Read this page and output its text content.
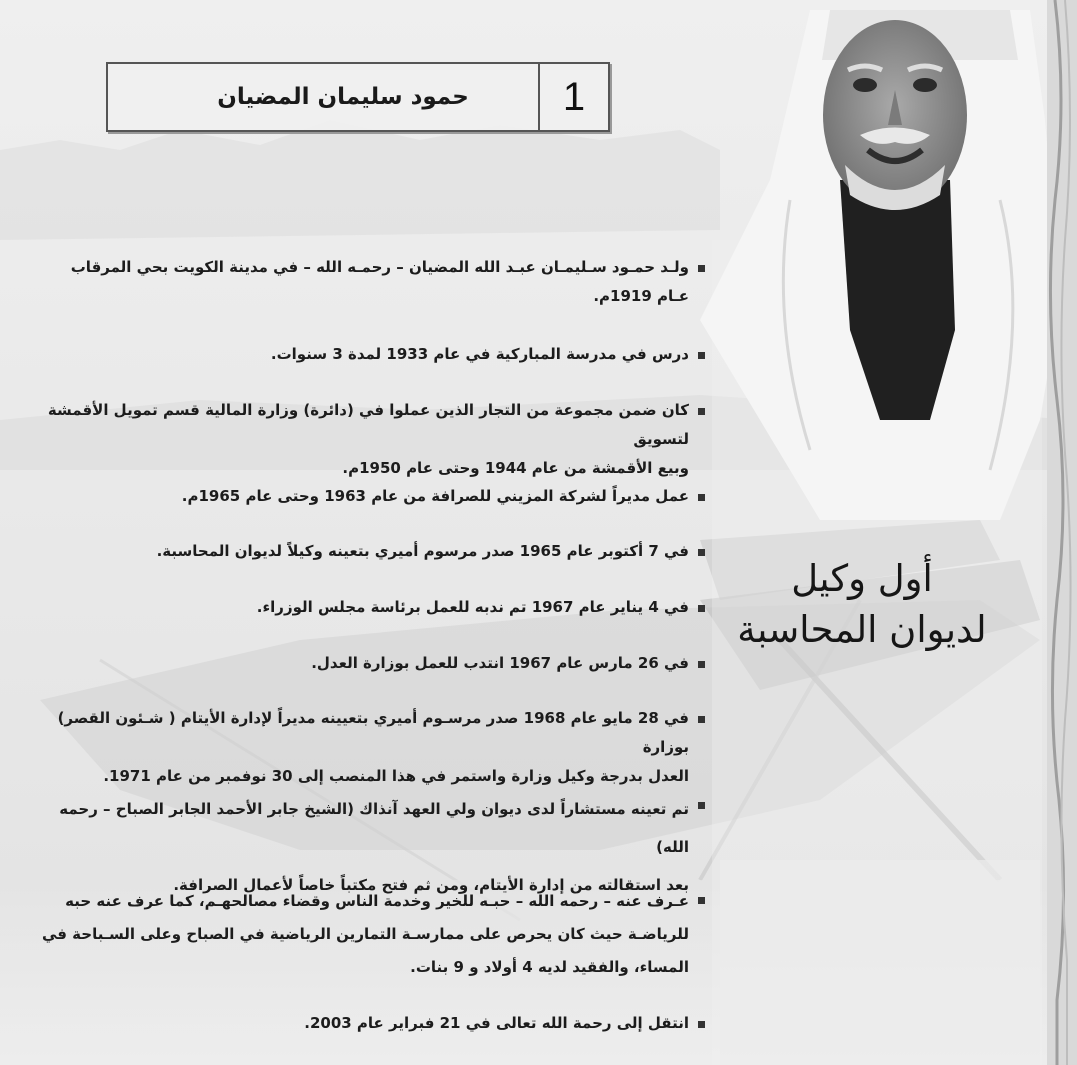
حمود سليمان المضيان	1
أول وكيل
لديوان المحاسبة
ولـد حمـود سـليمـان عبـد الله المضيان – رحمـه الله – في مدينة الكويت بحي المرقاب
عـام 1919م.
درس في مدرسة المباركية في عام 1933 لمدة 3 سنوات.
كان ضمن مجموعة من التجار الذين عملوا في (دائرة) وزارة المالية قسم تمويل الأقمشة لتسويق
وبيع الأقمشة من عام 1944 وحتى عام 1950م.
عمل مديراً لشركة المزيني للصرافة من عام 1963 وحتى عام 1965م.
في 7 أكتوبر عام 1965 صدر مرسوم أميري بتعينه وكيلاً لديوان المحاسبة.
في 4 يناير عام 1967 تم ندبه للعمل برئاسة مجلس الوزراء.
في 26 مارس عام 1967 انتدب للعمل بوزارة العدل.
في 28 مايو عام 1968 صدر مرسـوم أميري بتعيينه مديراً لإدارة الأيتام ( شـئون القصر) بوزارة
العدل بدرجة وكيل وزارة واستمر في هذا المنصب إلى 30 نوفمبر من عام 1971.
تم تعينه مستشاراً لدى ديوان ولي العهد آنذاك (الشيخ جابر الأحمد الجابر الصباح – رحمه الله)
بعد استقالته من إدارة الأيتام، ومن ثم فتح مكتباً خاصاً لأعمال الصرافة.
عـرف عنه – رحمه الله – حبـه للخير وخدمة الناس وقضاء مصالحهـم، كما عرف عنه حبه
للرياضـة حيث كان يحرص على ممارسـة التمارين الرياضية في الصباح وعلى السـباحة في
المساء، والفقيد لديه 4 أولاد و 9 بنات.
انتقل إلى رحمة الله تعالى في 21 فبراير عام 2003.
